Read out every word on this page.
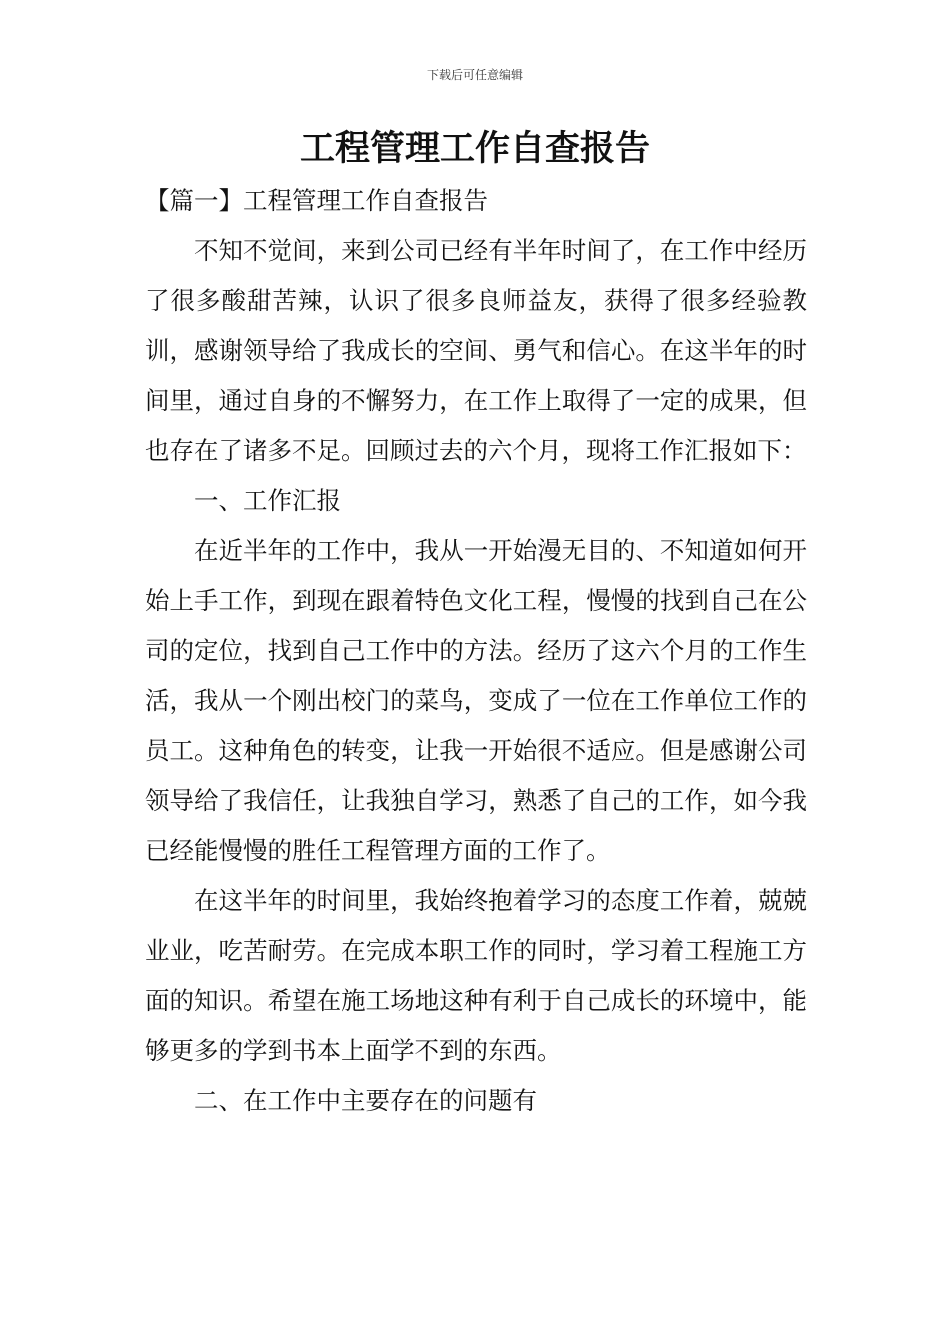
下载后可任意编辑
工程管理工作自查报告

【篇一】工程管理工作自查报告

不知不觉间，来到公司已经有半年时间了，在工作中经历了很多酸甜苦辣，认识了很多良师益友，获得了很多经验教训，感谢领导给了我成长的空间、勇气和信心。在这半年的时间里，通过自身的不懈努力，在工作上取得了一定的成果，但也存在了诸多不足。回顾过去的六个月，现将工作汇报如下：

一、工作汇报

在近半年的工作中，我从一开始漫无目的、不知道如何开始上手工作，到现在跟着特色文化工程，慢慢的找到自己在公司的定位，找到自己工作中的方法。经历了这六个月的工作生活，我从一个刚出校门的菜鸟，变成了一位在工作单位工作的员工。这种角色的转变，让我一开始很不适应。但是感谢公司领导给了我信任，让我独自学习，熟悉了自己的工作，如今我已经能慢慢的胜任工程管理方面的工作了。

在这半年的时间里，我始终抱着学习的态度工作着，兢兢业业，吃苦耐劳。在完成本职工作的同时，学习着工程施工方面的知识。希望在施工场地这种有利于自己成长的环境中，能够更多的学到书本上面学不到的东西。

二、在工作中主要存在的问题有
